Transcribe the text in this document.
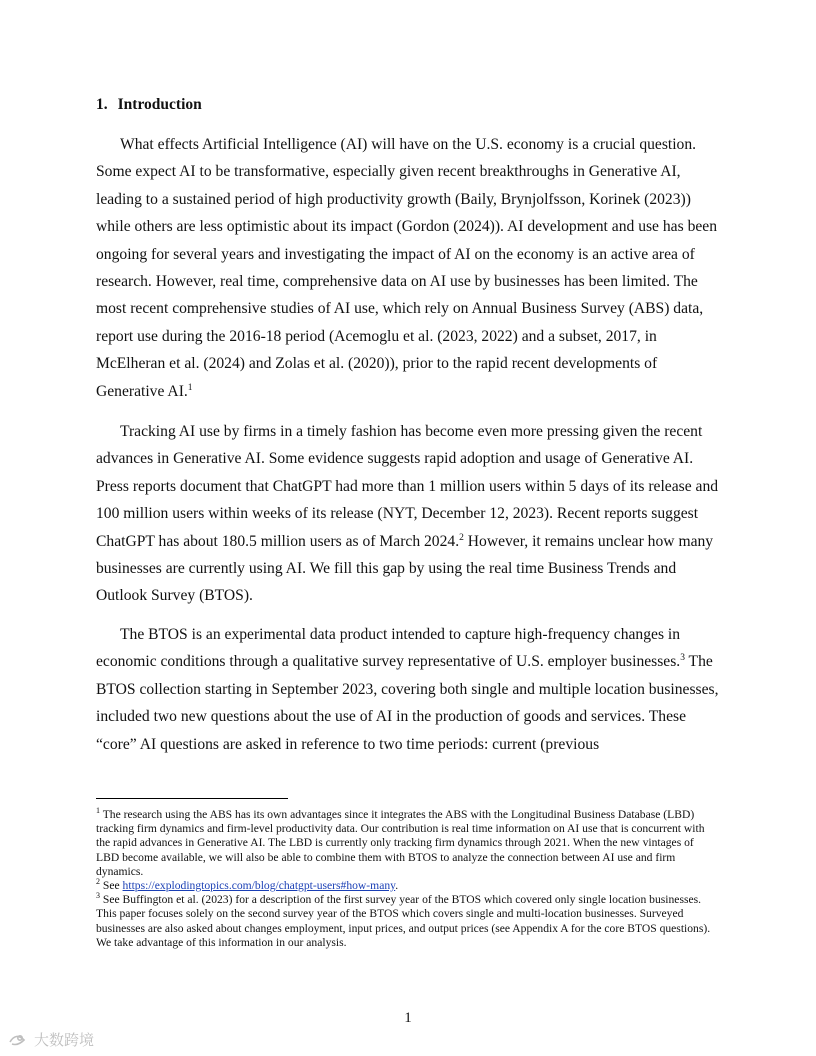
1. Introduction

What effects Artificial Intelligence (AI) will have on the U.S. economy is a crucial question. Some expect AI to be transformative, especially given recent breakthroughs in Generative AI, leading to a sustained period of high productivity growth (Baily, Brynjolfsson, Korinek (2023)) while others are less optimistic about its impact (Gordon (2024)). AI development and use has been ongoing for several years and investigating the impact of AI on the economy is an active area of research. However, real time, comprehensive data on AI use by businesses has been limited. The most recent comprehensive studies of AI use, which rely on Annual Business Survey (ABS) data, report use during the 2016-18 period (Acemoglu et al. (2023, 2022) and a subset, 2017, in McElheran et al. (2024) and Zolas et al. (2020)), prior to the rapid recent developments of Generative AI.$^1$

Tracking AI use by firms in a timely fashion has become even more pressing given the recent advances in Generative AI. Some evidence suggests rapid adoption and usage of Generative AI. Press reports document that ChatGPT had more than 1 million users within 5 days of its release and 100 million users within weeks of its release (NYT, December 12, 2023). Recent reports suggest ChatGPT has about 180.5 million users as of March 2024.$^2$ However, it remains unclear how many businesses are currently using AI. We fill this gap by using the real time Business Trends and Outlook Survey (BTOS).

The BTOS is an experimental data product intended to capture high-frequency changes in economic conditions through a qualitative survey representative of U.S. employer businesses.$^3$ The BTOS collection starting in September 2023, covering both single and multiple location businesses, included two new questions about the use of AI in the production of goods and services. These “core” AI questions are asked in reference to two time periods: current (previous

$^1$ The research using the ABS has its own advantages since it integrates the ABS with the Longitudinal Business Database (LBD) tracking firm dynamics and firm-level productivity data. Our contribution is real time information on AI use that is concurrent with the rapid advances in Generative AI. The LBD is currently only tracking firm dynamics through 2021. When the new vintages of LBD become available, we will also be able to combine them with BTOS to analyze the connection between AI use and firm dynamics.

$^2$ See https://explodingtopics.com/blog/chatgpt-users#how-many.

$^3$ See Buffington et al. (2023) for a description of the first survey year of the BTOS which covered only single location businesses. This paper focuses solely on the second survey year of the BTOS which covers single and multi-location businesses. Surveyed businesses are also asked about changes employment, input prices, and output prices (see Appendix A for the core BTOS questions). We take advantage of this information in our analysis.

1
大数跨境
